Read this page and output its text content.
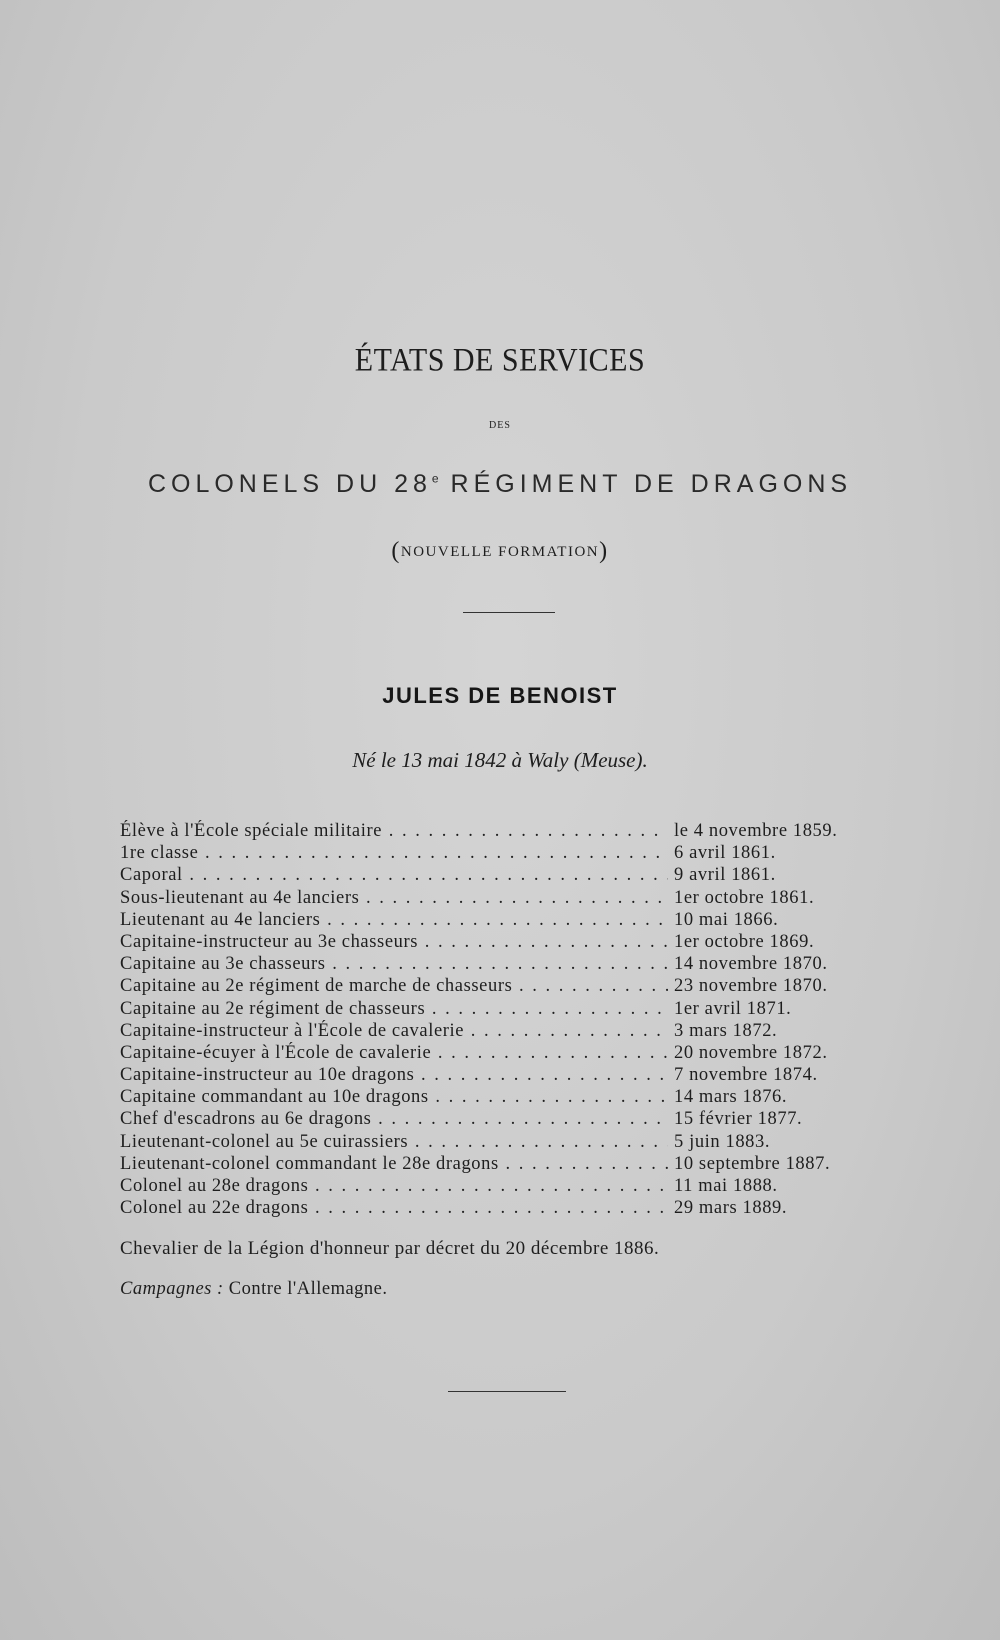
ÉTATS DE SERVICES
DES
COLONELS DU 28e RÉGIMENT DE DRAGONS
(NOUVELLE FORMATION)
JULES DE BENOIST
Né le 13 mai 1842 à Waly (Meuse).
Élève à l'École spéciale militaire . . .	le 4 novembre 1859.
1re classe . . .	6 avril 1861.
Caporal . . .	9 avril 1861.
Sous-lieutenant au 4e lanciers . . .	1er octobre 1861.
Lieutenant au 4e lanciers . . .	10 mai 1866.
Capitaine-instructeur au 3e chasseurs . . .	1er octobre 1869.
Capitaine au 3e chasseurs . . .	14 novembre 1870.
Capitaine au 2e régiment de marche de chasseurs . . .	23 novembre 1870.
Capitaine au 2e régiment de chasseurs . . .	1er avril 1871.
Capitaine-instructeur à l'École de cavalerie . . .	3 mars 1872.
Capitaine-écuyer à l'École de cavalerie . . .	20 novembre 1872.
Capitaine-instructeur au 10e dragons . . .	7 novembre 1874.
Capitaine commandant au 10e dragons . . .	14 mars 1876.
Chef d'escadrons au 6e dragons . . .	15 février 1877.
Lieutenant-colonel au 5e cuirassiers . . .	5 juin 1883.
Lieutenant-colonel commandant le 28e dragons . . .	10 septembre 1887.
Colonel au 28e dragons . . .	11 mai 1888.
Colonel au 22e dragons . . .	29 mars 1889.
Chevalier de la Légion d'honneur par décret du 20 décembre 1886.
Campagnes : Contre l'Allemagne.
